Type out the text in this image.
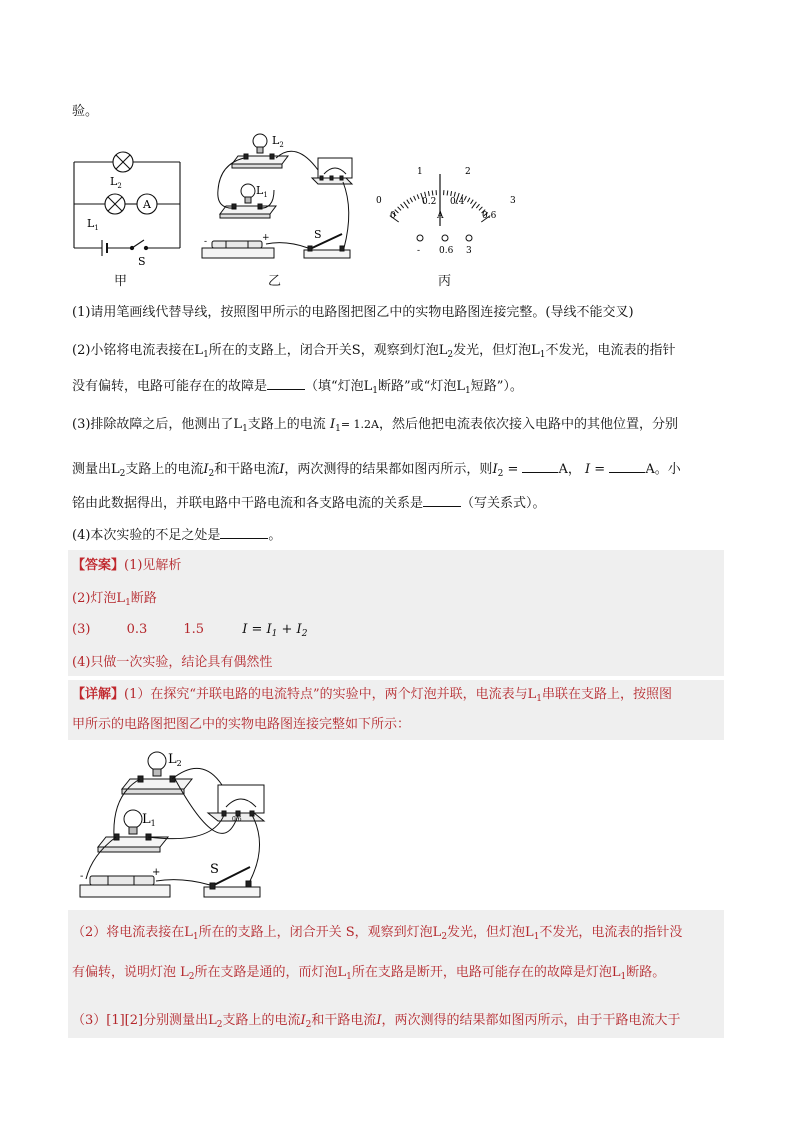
验。
A
$L_2$
$L_1$
S
甲
-	+
$L_2$
$L_1$
S
乙
0
1	2
3
0
0.2 0.4
0.6
A
- 0.6 3
丙
(1)请用笔画线代替导线，按照图甲所示的电路图把图乙中的实物电路图连接完整。(导线不能交叉)
(2)小铭将电流表接在$L_1$所在的支路上，闭合开关S，观察到灯泡$L_2$发光，但灯泡$L_1$不发光，电流表的指针
没有偏转，电路可能存在的故障是	（填“灯泡$L_1$断路”或“灯泡$L_1$短路”）。
(3)排除故障之后，他测出了$L_1$支路上的电流 $I_1= 1.2A$，然后他把电流表依次接入电路中的其他位置，分别
测量出$L_2$支路上的电流$I_2$和干路电流I，两次测得的结果都如图丙所示，则$I_2$ =	A， I =	A。小
铭由此数据得出，并联电路中干路电流和各支路电流的关系是	（写关系式）。
(4)本次实验的不足之处是	。
【答案】(1)见解析
(2)灯泡$L_1$断路
(3)	0.3	1.5	$I = I_1 + I_2$
(4)只做一次实验，结论具有偶然性
【详解】(1）在探究“并联电路的电流特点”的实验中，两个灯泡并联，电流表与$L_1$串联在支路上，按照图
甲所示的电路图把图乙中的实物电路图连接完整如下所示：
-	+
0.6
$L_2$
$L_1$
S
（2）将电流表接在$L_1$所在的支路上，闭合开关 S，观察到灯泡$L_2$发光，但灯泡$L_1$不发光，电流表的指针没
有偏转，说明灯泡 $L_2$所在支路是通的，而灯泡$L_1$所在支路是断开，电路可能存在的故障是灯泡$L_1$断路。
（3）[1][2]分别测量出$L_2$支路上的电流$I_2$和干路电流I，两次测得的结果都如图丙所示，由于干路电流大于
